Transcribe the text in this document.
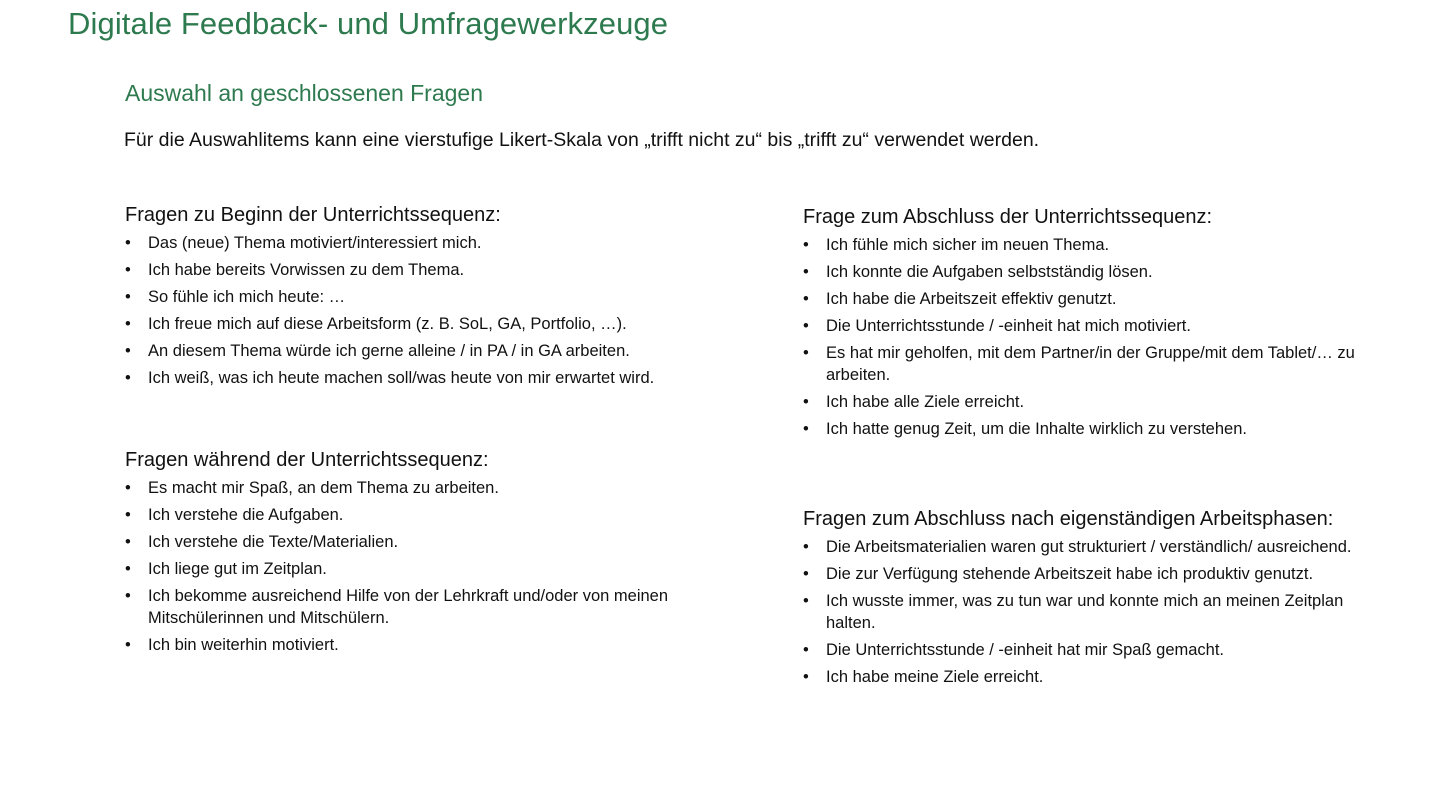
Digitale Feedback- und Umfragewerkzeuge
Auswahl an geschlossenen Fragen

Für die Auswahlitems kann eine vierstufige Likert-Skala von „trifft nicht zu“ bis „trifft zu“ verwendet werden.

Fragen zu Beginn der Unterrichtssequenz:
• Das (neue) Thema motiviert/interessiert mich.
• Ich habe bereits Vorwissen zu dem Thema.
• So fühle ich mich heute: …
• Ich freue mich auf diese Arbeitsform (z. B. SoL, GA, Portfolio, …).
• An diesem Thema würde ich gerne alleine / in PA / in GA arbeiten.
• Ich weiß, was ich heute machen soll/was heute von mir erwartet wird.
Fragen während der Unterrichtssequenz:
• Es macht mir Spaß, an dem Thema zu arbeiten.
• Ich verstehe die Aufgaben.
• Ich verstehe die Texte/Materialien.
• Ich liege gut im Zeitplan.
• Ich bekomme ausreichend Hilfe von der Lehrkraft und/oder von meinen Mitschülerinnen und Mitschülern.
• Ich bin weiterhin motiviert.
Frage zum Abschluss der Unterrichtssequenz:
• Ich fühle mich sicher im neuen Thema.
• Ich konnte die Aufgaben selbstständig lösen.
• Ich habe die Arbeitszeit effektiv genutzt.
• Die Unterrichtsstunde / -einheit hat mich motiviert.
• Es hat mir geholfen, mit dem Partner/in der Gruppe/mit dem Tablet/… zu arbeiten.
• Ich habe alle Ziele erreicht.
• Ich hatte genug Zeit, um die Inhalte wirklich zu verstehen.
Fragen zum Abschluss nach eigenständigen Arbeitsphasen:
• Die Arbeitsmaterialien waren gut strukturiert / verständlich/ ausreichend.
• Die zur Verfügung stehende Arbeitszeit habe ich produktiv genutzt.
• Ich wusste immer, was zu tun war und konnte mich an meinen Zeitplan halten.
• Die Unterrichtsstunde / -einheit hat mir Spaß gemacht.
• Ich habe meine Ziele erreicht.
